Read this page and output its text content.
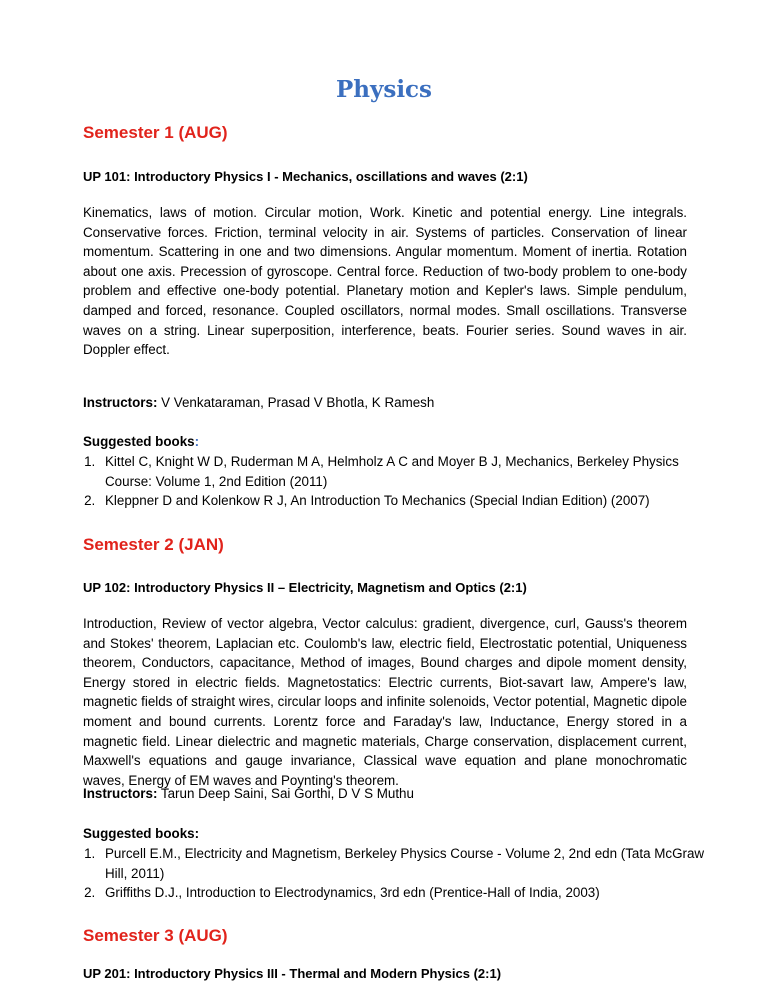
Physics
Semester 1 (AUG)
UP 101: Introductory Physics I - Mechanics, oscillations and waves (2:1)

Kinematics, laws of motion. Circular motion, Work. Kinetic and potential energy. Line integrals. Conservative forces. Friction, terminal velocity in air. Systems of particles. Conservation of linear momentum. Scattering in one and two dimensions. Angular momentum. Moment of inertia. Rotation about one axis. Precession of gyroscope. Central force. Reduction of two-body problem to one-body problem and effective one-body potential. Planetary motion and Kepler's laws. Simple pendulum, damped and forced, resonance. Coupled oscillators, normal modes. Small oscillations. Transverse waves on a string. Linear superposition, interference, beats. Fourier series. Sound waves in air. Doppler effect.

Instructors: V Venkataraman, Prasad V Bhotla, K Ramesh
Suggested books:
1. Kittel C, Knight W D, Ruderman M A, Helmholz A C and Moyer B J, Mechanics, Berkeley Physics Course: Volume 1, 2nd Edition (2011)
2. Kleppner D and Kolenkow R J, An Introduction To Mechanics (Special Indian Edition) (2007)
Semester 2 (JAN)
UP 102: Introductory Physics II – Electricity, Magnetism and Optics (2:1)

Introduction, Review of vector algebra, Vector calculus: gradient, divergence, curl, Gauss's theorem and Stokes' theorem, Laplacian etc. Coulomb's law, electric field, Electrostatic potential, Uniqueness theorem, Conductors, capacitance, Method of images, Bound charges and dipole moment density, Energy stored in electric fields. Magnetostatics: Electric currents, Biot-savart law, Ampere's law, magnetic fields of straight wires, circular loops and infinite solenoids, Vector potential, Magnetic dipole moment and bound currents. Lorentz force and Faraday's law, Inductance, Energy stored in a magnetic field. Linear dielectric and magnetic materials, Charge conservation, displacement current, Maxwell's equations and gauge invariance, Classical wave equation and plane monochromatic waves, Energy of EM waves and Poynting's theorem.

Instructors: Tarun Deep Saini, Sai Gorthi, D V S Muthu
Suggested books:
1. Purcell E.M., Electricity and Magnetism, Berkeley Physics Course - Volume 2, 2nd edn (Tata McGraw Hill, 2011)
2. Griffiths D.J., Introduction to Electrodynamics, 3rd edn (Prentice-Hall of India, 2003)
Semester 3 (AUG)
UP 201: Introductory Physics III - Thermal and Modern Physics (2:1)
